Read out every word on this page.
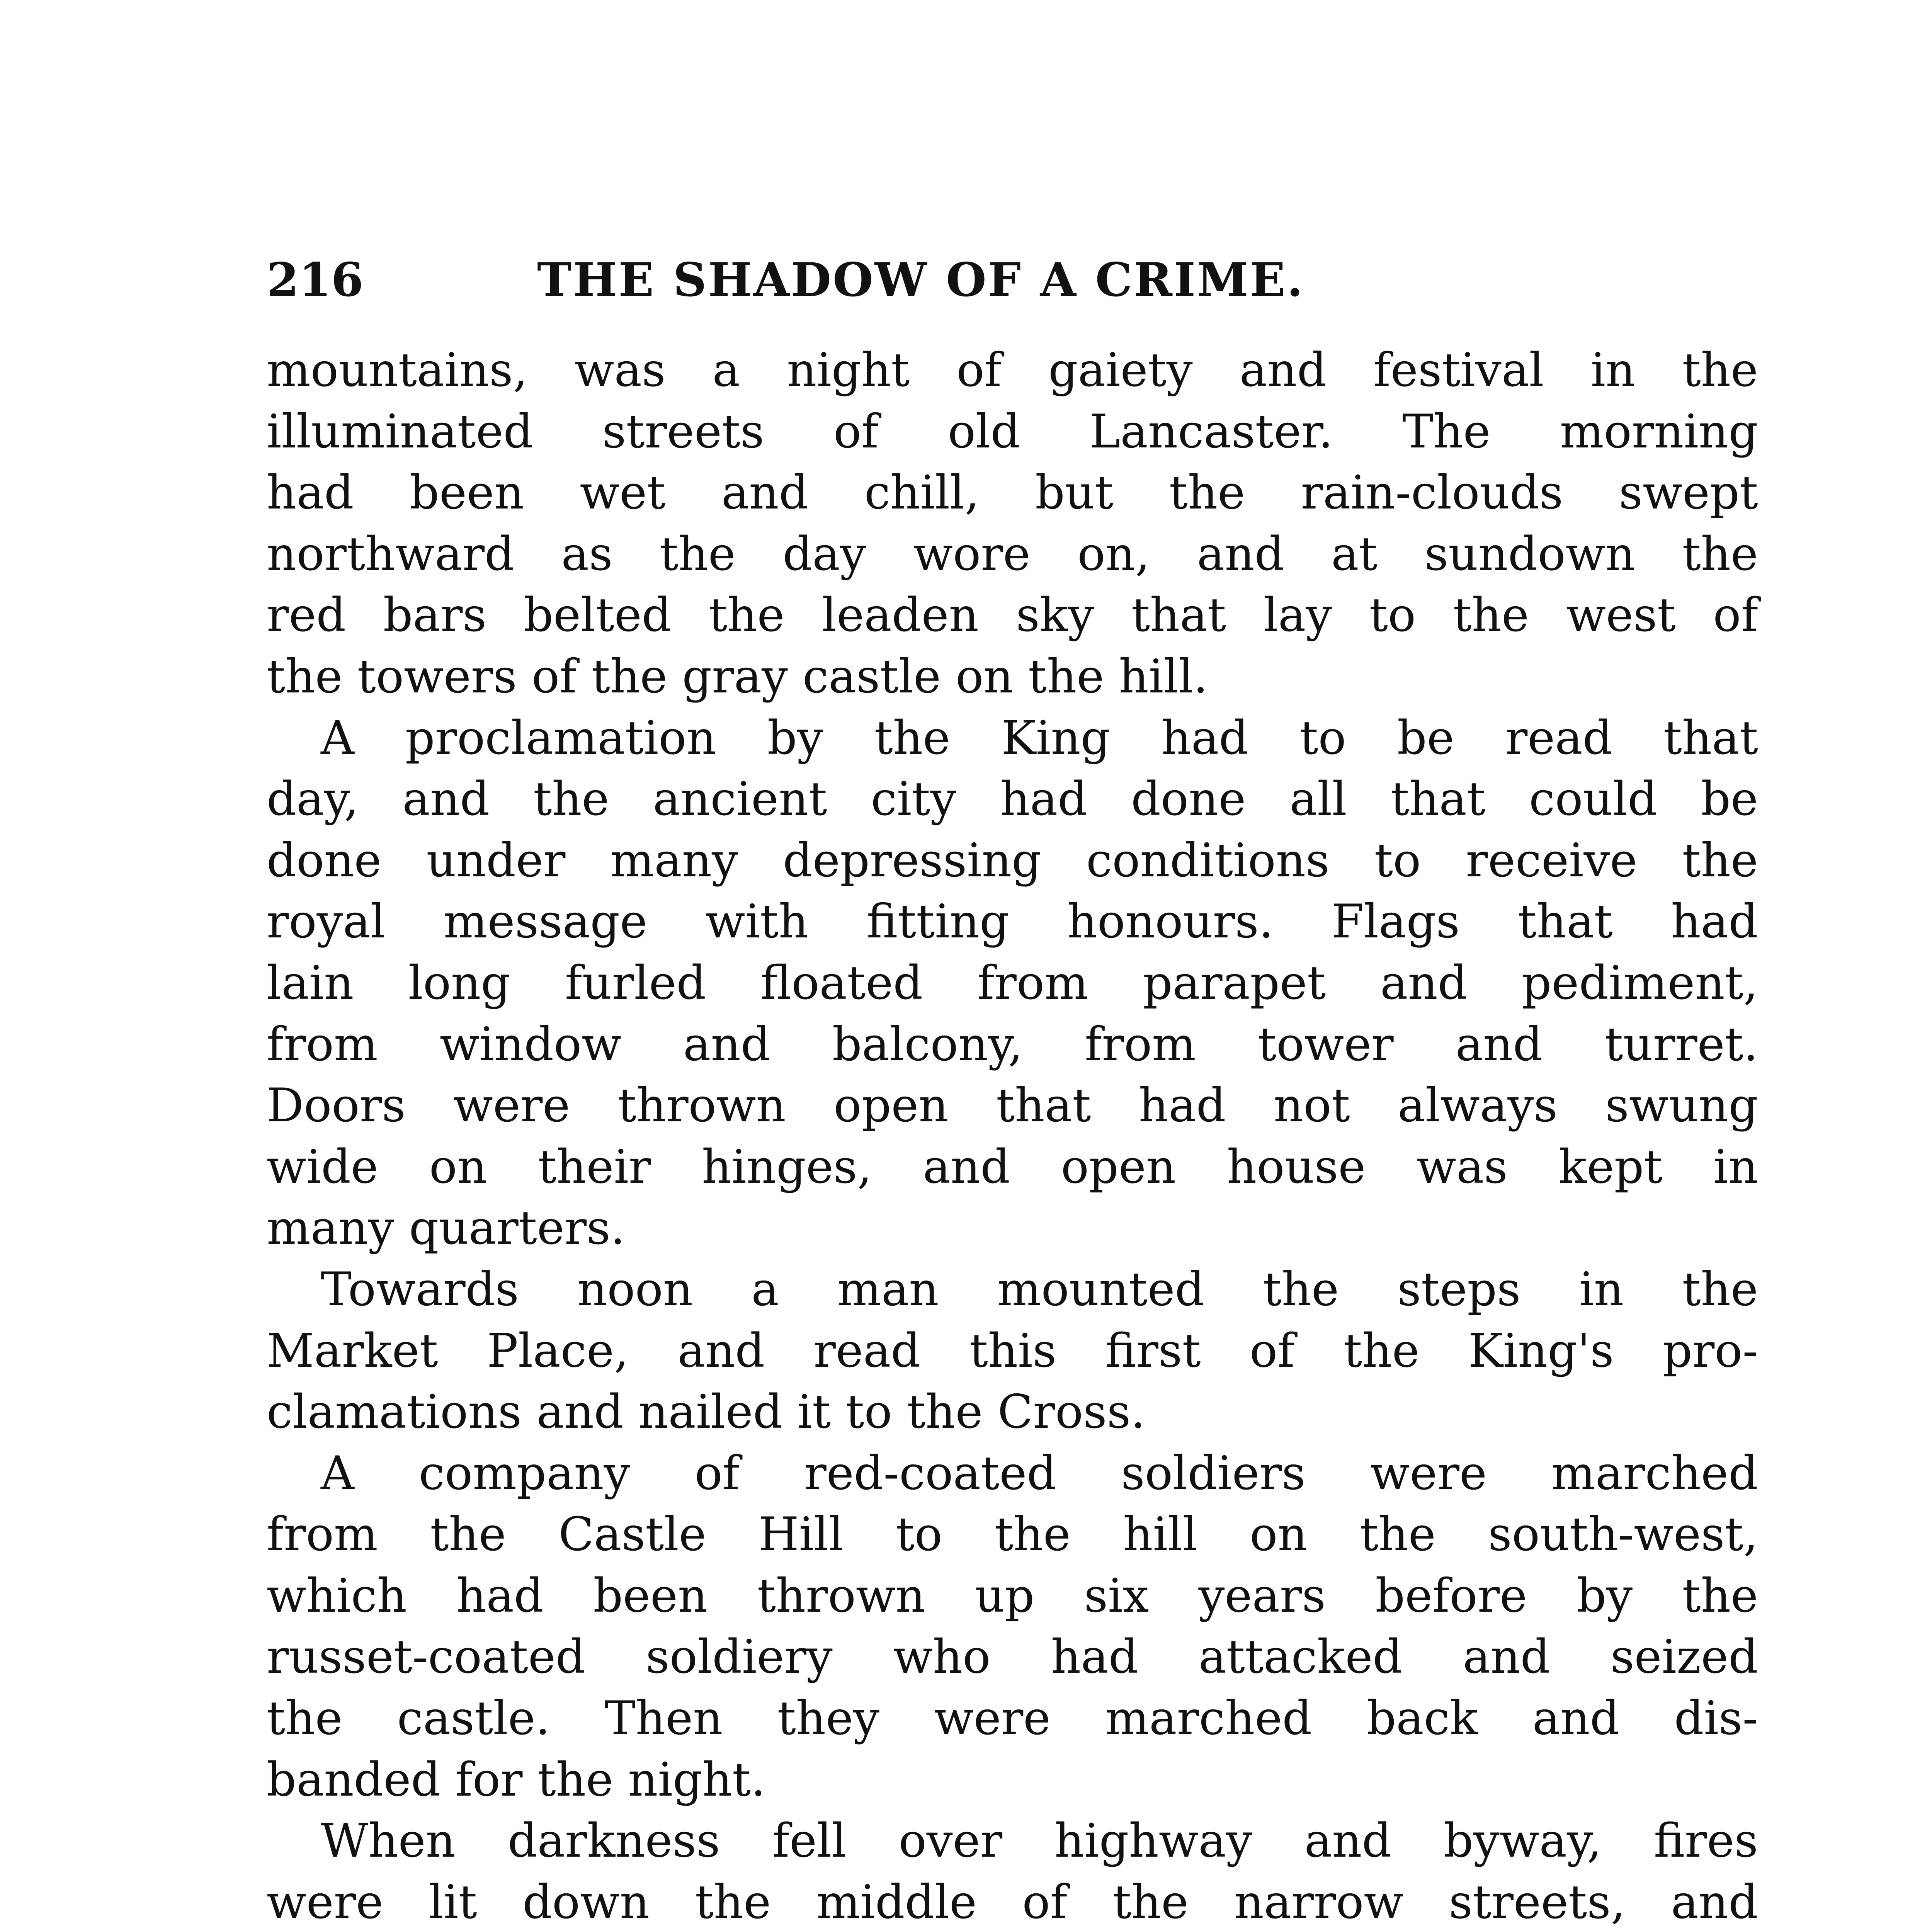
216	THE SHADOW OF A CRIME.
mountains, was a night of gaiety and festival in the
illuminated streets of old Lancaster. The morning
had been wet and chill, but the rain-clouds swept
northward as the day wore on, and at sundown the
red bars belted the leaden sky that lay to the west of
the towers of the gray castle on the hill.
A proclamation by the King had to be read that
day, and the ancient city had done all that could be
done under many depressing conditions to receive the
royal message with fitting honours. Flags that had
lain long furled floated from parapet and pediment,
from window and balcony, from tower and turret.
Doors were thrown open that had not always swung
wide on their hinges, and open house was kept in
many quarters.
Towards noon a man mounted the steps in the
Market Place, and read this first of the King's pro-
clamations and nailed it to the Cross.
A company of red-coated soldiers were marched
from the Castle Hill to the hill on the south-west,
which had been thrown up six years before by the
russet-coated soldiery who had attacked and seized
the castle. Then they were marched back and dis-
banded for the night.
When darkness fell over highway and byway, fires
were lit down the middle of the narrow streets, and
